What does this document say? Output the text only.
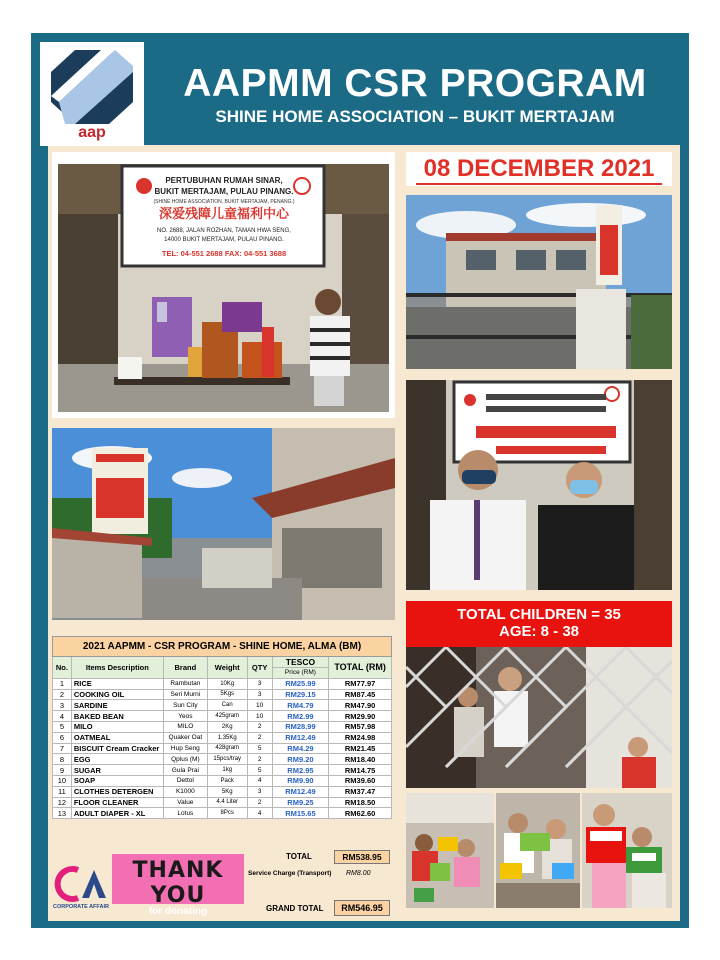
aap
AAPMM CSR PROGRAM
SHINE HOME ASSOCIATION – BUKIT MERTAJAM
PERTUBUHAN RUMAH SINAR,
BUKIT MERTAJAM, PULAU PINANG.
(SHINE HOME ASSOCIATION, BUKIT MERTAJAM, PENANG.)
深爱残障儿童福利中心
NO. 2688, JALAN ROZHAN, TAMAN HWA SENG,
14000 BUKIT MERTAJAM, PULAU PINANG.
TEL: 04-551 2688 FAX: 04-551 3688
08 DECEMBER 2021
TOTAL CHILDREN = 35
AGE: 8 - 38
2021 AAPMM - CSR PROGRAM - SHINE HOME, ALMA (BM)						
No.	Items Description	Brand	Weight	QTY	TESCO	TOTAL (RM)
					Price (RM)	
1	RICE	Rambutan	10Kg	3	RM25.99	RM77.97
2	COOKING OIL	Seri Murni	5Kgs	3	RM29.15	RM87.45
3	SARDINE	Sun City	Can	10	RM4.79	RM47.90
4	BAKED BEAN	Yeos	425gram	10	RM2.99	RM29.90
5	MILO	MILO	2Kg	2	RM28.99	RM57.98
6	OATMEAL	Quaker Oat	1.35Kg	2	RM12.49	RM24.98
7	BISCUIT Cream Cracker	Hup Seng	428gram	5	RM4.29	RM21.45
8	EGG	Qplus (M)	15pcs/tray	2	RM9.20	RM18.40
9	SUGAR	Gula Prai	1kg	5	RM2.95	RM14.75
10	SOAP	Dettol	Pack	4	RM9.90	RM39.60
11	CLOTHES DETERGEN	K1000	5Kg	3	RM12.49	RM37.47
12	FLOOR CLEANER	Value	4.4 Liter	2	RM9.25	RM18.50
13	ADULT DIAPER - XL	Lotus	8Pcs	4	RM15.65	RM62.60
CORPORATE AFFAIR
THANK YOU
for donating
TOTAL	RM538.95
Service Charge (Transport) RM8.00
GRAND TOTAL	RM546.95
